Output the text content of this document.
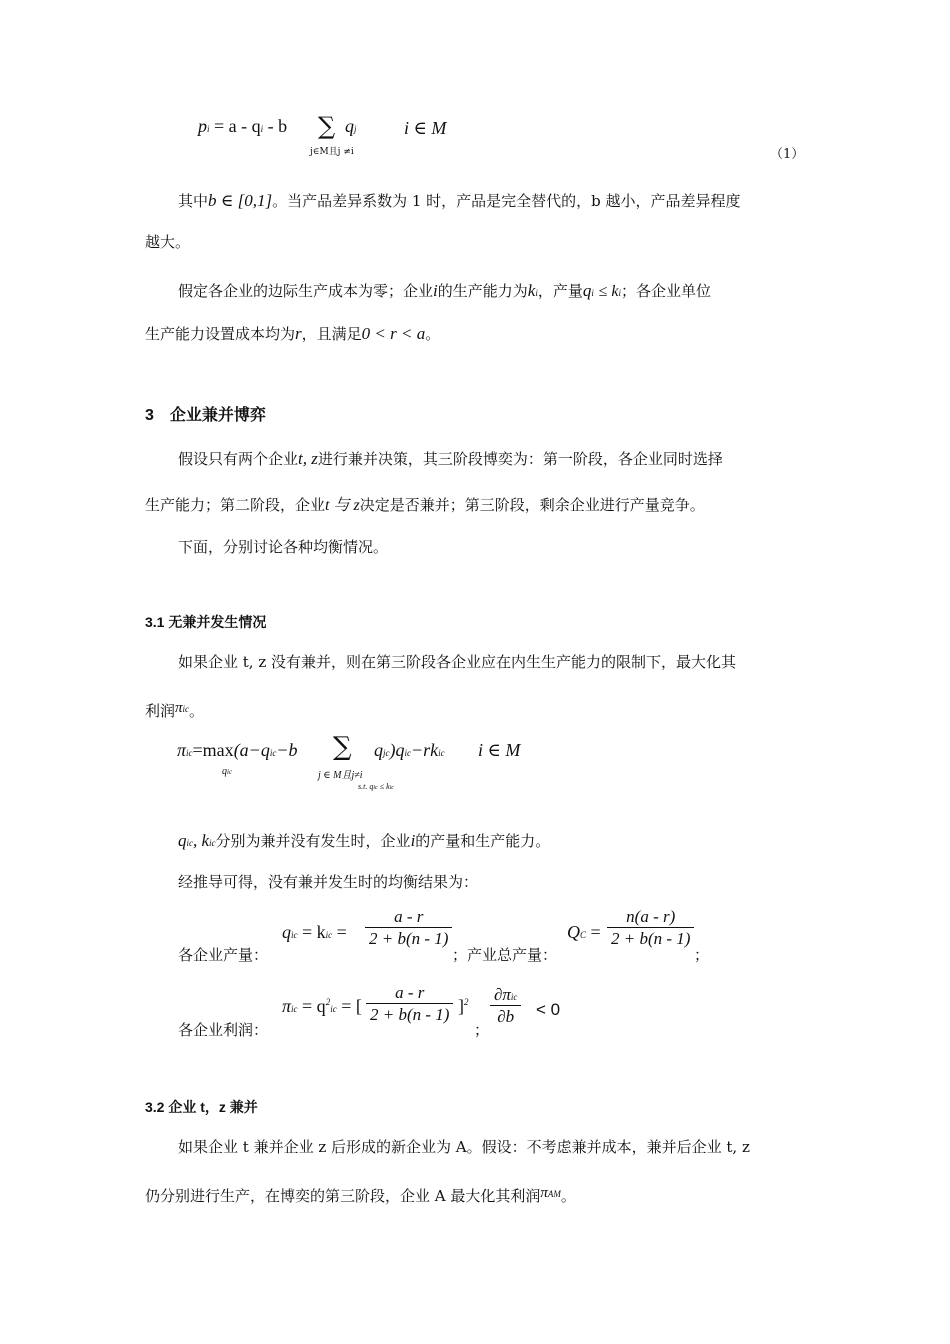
pi = a - qi - b ∑ qj
j∈M且j ≠i
i ∈ M
（1）
其中b ∈ [0,1]。当产品差异系数为 1 时，产品是完全替代的，b 越小，产品差异程度
越大。
假定各企业的边际生产成本为零；企业i的生产能力为ki，产量qi ≤ ki；各企业单位
生产能力设置成本均为r，且满足0 < r < a。
3　企业兼并博弈
假设只有两个企业t, z进行兼并决策，其三阶段博奕为：第一阶段，各企业同时选择
生产能力；第二阶段，企业t 与 z决定是否兼并；第三阶段，剩余企业进行产量竞争。
下面，分别讨论各种均衡情况。
3.1 无兼并发生情况
如果企业 t, z 没有兼并，则在第三阶段各企业应在内生生产能力的限制下，最大化其
利润$\pi^{ic}$。
πic=max(a−qic−b
qic
∑
j ∈ M且j≠i
s.t. qic ≤ kic
qjc)qic−rkic i ∈ M
qic, kic分别为兼并没有发生时，企业i的产量和生产能力。
经推导可得，没有兼并发生时的均衡结果为：
各企业产量：
qic = kic = $\frac{a - r}{2 + b(n - 1)}$
；产业总产量：
QC = $\frac{n(a - r)}{2 + b(n - 1)}$
；
各企业利润：
$\pi ic = q^2ic$ = [ $\frac{a - r}{2 + b(n - 1)} ]^2$
；
∂πic
∂b	< 0
3.2 企业 t，z 兼并
如果企业 t 兼并企业 z 后形成的新企业为 A。假设：不考虑兼并成本，兼并后企业 t, z
仍分别进行生产，在博奕的第三阶段，企业 A 最大化其利润$\pi^{AM}$。
